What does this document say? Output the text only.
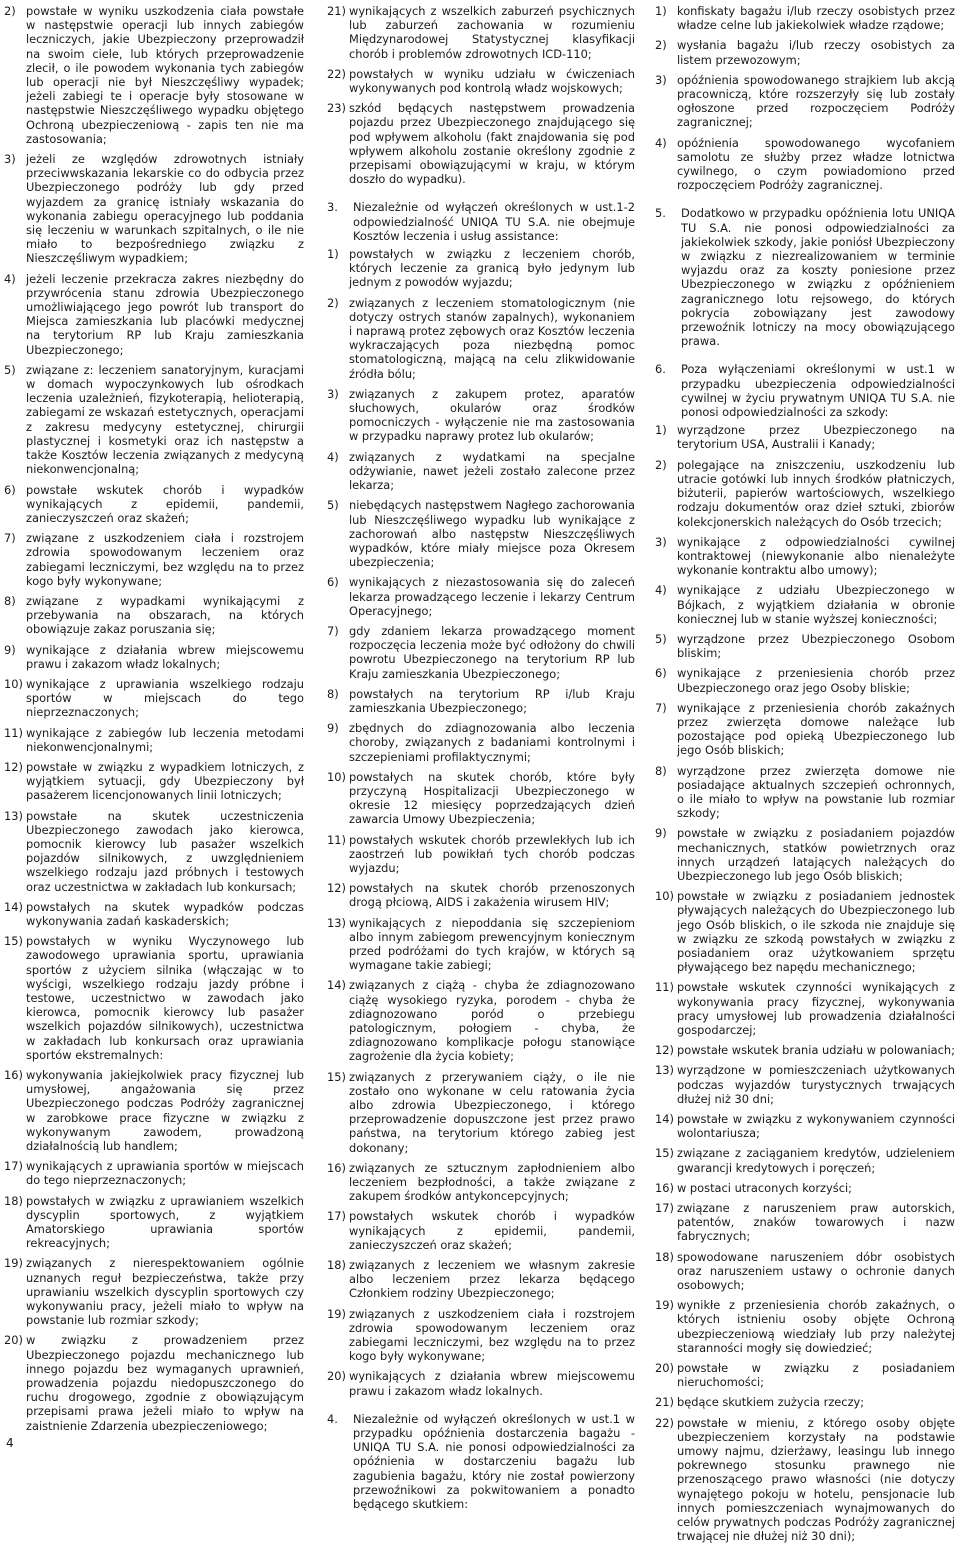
2) powstałe w wyniku uszkodzenia ciała powstałe w następstwie operacji lub innych zabiegów leczniczych, jakie Ubezpieczony przeprowadził na swoim ciele, lub których przeprowadzenie zlecił, o ile powodem wykonania tych zabiegów lub operacji nie był Nieszczęśliwy wypadek; jeżeli zabiegi te i operacje były stosowane w następstwie Nieszczęśliwego wypadku objętego Ochroną ubezpieczeniową - zapis ten nie ma zastosowania;
3) jeżeli ze względów zdrowotnych istniały przeciwwskazania lekarskie co do odbycia przez Ubezpieczonego podróży lub gdy przed wyjazdem za granicę istniały wskazania do wykonania zabiegu operacyjnego lub poddania się leczeniu w warunkach szpitalnych, o ile nie miało to bezpośredniego związku z Nieszczęśliwym wypadkiem;
4) jeżeli leczenie przekracza zakres niezbędny do przywrócenia stanu zdrowia Ubezpieczonego umożliwiającego jego powrót lub transport do Miejsca zamieszkania lub placówki medycznej na terytorium RP lub Kraju zamieszkania Ubezpieczonego;
5) związane z: leczeniem sanatoryjnym, kuracjami w domach wypoczynkowych lub ośrodkach leczenia uzależnień, fizykoterapią, helioterapią, zabiegami ze wskazań estetycznych, operacjami z zakresu medycyny estetycznej, chirurgii plastycznej i kosmetyki oraz ich następstw a także Kosztów leczenia związanych z medycyną niekonwencjonalną;
6) powstałe wskutek chorób i wypadków wynikających z epidemii, pandemii, zanieczyszczeń oraz skażeń;
7) związane z uszkodzeniem ciała i rozstrojem zdrowia spowodowanym leczeniem oraz zabiegami leczniczymi, bez względu na to przez kogo były wykonywane;
8) związane z wypadkami wynikającymi z przebywania na obszarach, na których obowiązuje zakaz poruszania się;
9) wynikające z działania wbrew miejscowemu prawu i zakazom władz lokalnych;
10) wynikające z uprawiania wszelkiego rodzaju sportów w miejscach do tego nieprzeznaczonych;
11) wynikające z zabiegów lub leczenia metodami niekonwencjonalnymi;
12) powstałe w związku z wypadkiem lotniczych, z wyjątkiem sytuacji, gdy Ubezpieczony był pasażerem licencjonowanych linii lotniczych;
13) powstałe na skutek uczestniczenia Ubezpieczonego zawodach jako kierowca, pomocnik kierowcy lub pasażer wszelkich pojazdów silnikowych, z uwzględnieniem wszelkiego rodzaju jazd próbnych i testowych oraz uczestnictwa w zakładach lub konkursach;
14) powstałych na skutek wypadków podczas wykonywania zadań kaskaderskich;
15) powstałych w wyniku Wyczynowego lub zawodowego uprawiania sportu, uprawiania sportów z użyciem silnika (włączając w to wyścigi, wszelkiego rodzaju jazdy próbne i testowe, uczestnictwo w zawodach jako kierowca, pomocnik kierowcy lub pasażer wszelkich pojazdów silnikowych), uczestnictwa w zakładach lub konkursach oraz uprawiania sportów ekstremalnych:
16) wykonywania jakiejkolwiek pracy fizycznej lub umysłowej, angażowania się przez Ubezpieczonego podczas Podróży zagranicznej w zarobkowe prace fizyczne w związku z wykonywanym zawodem, prowadzoną działalnością lub handlem;
17) wynikających z uprawiania sportów w miejscach do tego nieprzeznaczonych;
18) powstałych w związku z uprawianiem wszelkich dyscyplin sportowych, z wyjątkiem Amatorskiego uprawiania sportów rekreacyjnych;
19) związanych z nierespektowaniem ogólnie uznanych reguł bezpieczeństwa, także przy uprawianiu wszelkich dyscyplin sportowych czy wykonywaniu pracy, jeżeli miało to wpływ na powstanie lub rozmiar szkody;
20) w związku z prowadzeniem przez Ubezpieczonego pojazdu mechanicznego lub innego pojazdu bez wymaganych uprawnień, prowadzenia pojazdu niedopuszczonego do ruchu drogowego, zgodnie z obowiązującym przepisami prawa jeżeli miało to wpływ na zaistnienie Zdarzenia ubezpieczeniowego;
21) wynikających z wszelkich zaburzeń psychicznych lub zaburzeń zachowania w rozumieniu Międzynarodowej Statystycznej klasyfikacji chorób i problemów zdrowotnych ICD-110;
22) powstałych w wyniku udziału w ćwiczeniach wykonywanych pod kontrolą władz wojskowych;
23) szkód będących następstwem prowadzenia pojazdu przez Ubezpieczonego znajdującego się pod wpływem alkoholu (fakt znajdowania się pod wpływem alkoholu zostanie określony zgodnie z przepisami obowiązującymi w kraju, w którym doszło do wypadku).
3. Niezależnie od wyłączeń określonych w ust.1-2 odpowiedzialność UNIQA TU S.A. nie obejmuje Kosztów leczenia i usług assistance:
1) powstałych w związku z leczeniem chorób, których leczenie za granicą było jedynym lub jednym z powodów wyjazdu;
2) związanych z leczeniem stomatologicznym (nie dotyczy ostrych stanów zapalnych), wykonaniem i naprawą protez zębowych oraz Kosztów leczenia wykraczających poza niezbędną pomoc stomatologiczną, mającą na celu zlikwidowanie źródła bólu;
3) związanych z zakupem protez, aparatów słuchowych, okularów oraz środków pomocniczych - wyłączenie nie ma zastosowania w przypadku naprawy protez lub okularów;
4) związanych z wydatkami na specjalne odżywianie, nawet jeżeli zostało zalecone przez lekarza;
5) niebędących następstwem Nagłego zachorowania lub Nieszczęśliwego wypadku lub wynikające z zachorowań albo następstw Nieszczęśliwych wypadków, które miały miejsce poza Okresem ubezpieczenia;
6) wynikających z niezastosowania się do zaleceń lekarza prowadzącego leczenie i lekarzy Centrum Operacyjnego;
7) gdy zdaniem lekarza prowadzącego moment rozpoczęcia leczenia może być odłożony do chwili powrotu Ubezpieczonego na terytorium RP lub Kraju zamieszkania Ubezpieczonego;
8) powstałych na terytorium RP i/lub Kraju zamieszkania Ubezpieczonego;
9) zbędnych do zdiagnozowania albo leczenia choroby, związanych z badaniami kontrolnymi i szczepieniami profilaktycznymi;
10) powstałych na skutek chorób, które były przyczyną Hospitalizacji Ubezpieczonego w okresie 12 miesięcy poprzedzających dzień zawarcia Umowy Ubezpieczenia;
11) powstałych wskutek chorób przewlekłych lub ich zaostrzeń lub powikłań tych chorób podczas wyjazdu;
12) powstałych na skutek chorób przenoszonych drogą płciową, AIDS i zakażenia wirusem HIV;
13) wynikających z niepoddania się szczepieniom albo innym zabiegom prewencyjnym koniecznym przed podróżami do tych krajów, w których są wymagane takie zabiegi;
14) związanych z ciążą - chyba że zdiagnozowano ciążę wysokiego ryzyka, porodem - chyba że zdiagnozowano poród o przebiegu patologicznym, połogiem - chyba, że zdiagnozowano komplikacje połogu stanowiące zagrożenie dla życia kobiety;
15) związanych z przerywaniem ciąży, o ile nie zostało ono wykonane w celu ratowania życia albo zdrowia Ubezpieczonego, i którego przeprowadzenie dopuszczone jest przez prawo państwa, na terytorium którego zabieg jest dokonany;
16) związanych ze sztucznym zapłodnieniem albo leczeniem bezpłodności, a także związane z zakupem środków antykoncepcyjnych;
17) powstałych wskutek chorób i wypadków wynikających z epidemii, pandemii, zanieczyszczeń oraz skażeń;
18) związanych z leczeniem we własnym zakresie albo leczeniem przez lekarza będącego Członkiem rodziny Ubezpieczonego;
19) związanych z uszkodzeniem ciała i rozstrojem zdrowia spowodowanym leczeniem oraz zabiegami leczniczymi, bez względu na to przez kogo były wykonywane;
20) wynikających z działania wbrew miejscowemu prawu i zakazom władz lokalnych.
4. Niezależnie od wyłączeń określonych w ust.1 w przypadku opóźnienia dostarczenia bagażu - UNIQA TU S.A. nie ponosi odpowiedzialności za opóźnienia w dostarczeniu bagażu lub zagubienia bagażu, który nie został powierzony przewoźnikowi za pokwitowaniem a ponadto będącego skutkiem:
1) konfiskaty bagażu i/lub rzeczy osobistych przez władze celne lub jakiekolwiek władze rządowe;
2) wysłania bagażu i/lub rzeczy osobistych za listem przewozowym;
3) opóźnienia spowodowanego strajkiem lub akcją pracowniczą, które rozszerzyły się lub zostały ogłoszone przed rozpoczęciem Podróży zagranicznej;
4) opóźnienia spowodowanego wycofaniem samolotu ze służby przez władze lotnictwa cywilnego, o czym powiadomiono przed rozpoczęciem Podróży zagranicznej.
5. Dodatkowo w przypadku opóźnienia lotu UNIQA TU S.A. nie ponosi odpowiedzialności za jakiekolwiek szkody, jakie poniósł Ubezpieczony w związku z niezrealizowaniem w terminie wyjazdu oraz za koszty poniesione przez Ubezpieczonego w związku z opóźnieniem zagranicznego lotu rejsowego, do których pokrycia zobowiązany jest zawodowy przewoźnik lotniczy na mocy obowiązującego prawa.
6. Poza wyłączeniami określonymi w ust.1 w przypadku ubezpieczenia odpowiedzialności cywilnej w życiu prywatnym UNIQA TU S.A. nie ponosi odpowiedzialności za szkody:
1) wyrządzone przez Ubezpieczonego na terytorium USA, Australii i Kanady;
2) polegające na zniszczeniu, uszkodzeniu lub utracie gotówki lub innych środków płatniczych, biżuterii, papierów wartościowych, wszelkiego rodzaju dokumentów oraz dzieł sztuki, zbiorów kolekcjonerskich należących do Osób trzecich;
3) wynikające z odpowiedzialności cywilnej kontraktowej (niewykonanie albo nienależyte wykonanie kontraktu albo umowy);
4) wynikające z udziału Ubezpieczonego w Bójkach, z wyjątkiem działania w obronie koniecznej lub w stanie wyższej konieczności;
5) wyrządzone przez Ubezpieczonego Osobom bliskim;
6) wynikające z przeniesienia chorób przez Ubezpieczonego oraz jego Osoby bliskie;
7) wynikające z przeniesienia chorób zakaźnych przez zwierzęta domowe należące lub pozostające pod opieką Ubezpieczonego lub jego Osób bliskich;
8) wyrządzone przez zwierzęta domowe nie posiadające aktualnych szczepień ochronnych, o ile miało to wpływ na powstanie lub rozmiar szkody;
9) powstałe w związku z posiadaniem pojazdów mechanicznych, statków powietrznych oraz innych urządzeń latających należących do Ubezpieczonego lub jego Osób bliskich;
10) powstałe w związku z posiadaniem jednostek pływających należących do Ubezpieczonego lub jego Osób bliskich, o ile szkoda nie znajduje się w związku ze szkodą powstałych w związku z posiadaniem oraz użytkowaniem sprzętu pływającego bez napędu mechanicznego;
11) powstałe wskutek czynności wynikających z wykonywania pracy fizycznej, wykonywania pracy umysłowej lub prowadzenia działalności gospodarczej;
12) powstałe wskutek brania udziału w polowaniach;
13) wyrządzone w pomieszczeniach użytkowanych podczas wyjazdów turystycznych trwających dłużej niż 30 dni;
14) powstałe w związku z wykonywaniem czynności wolontariusza;
15) związane z zaciąganiem kredytów, udzieleniem gwarancji kredytowych i poręczeń;
16) w postaci utraconych korzyści;
17) związane z naruszeniem praw autorskich, patentów, znaków towarowych i nazw fabrycznych;
18) spowodowane naruszeniem dóbr osobistych oraz naruszeniem ustawy o ochronie danych osobowych;
19) wynikłe z przeniesienia chorób zakaźnych, o których istnieniu osoby objęte Ochroną ubezpieczeniową wiedziały lub przy należytej staranności mogły się dowiedzieć;
20) powstałe w związku z posiadaniem nieruchomości;
21) będące skutkiem zużycia rzeczy;
22) powstałe w mieniu, z którego osoby objęte ubezpieczeniem korzystały na podstawie umowy najmu, dzierżawy, leasingu lub innego pokrewnego stosunku prawnego nie przenoszącego prawo własności (nie dotyczy wynajętego pokoju w hotelu, pensjonacie lub innych pomieszczeniach wynajmowanych do celów prywatnych podczas Podróży zagranicznej trwającej nie dłużej niż 30 dni);
4
